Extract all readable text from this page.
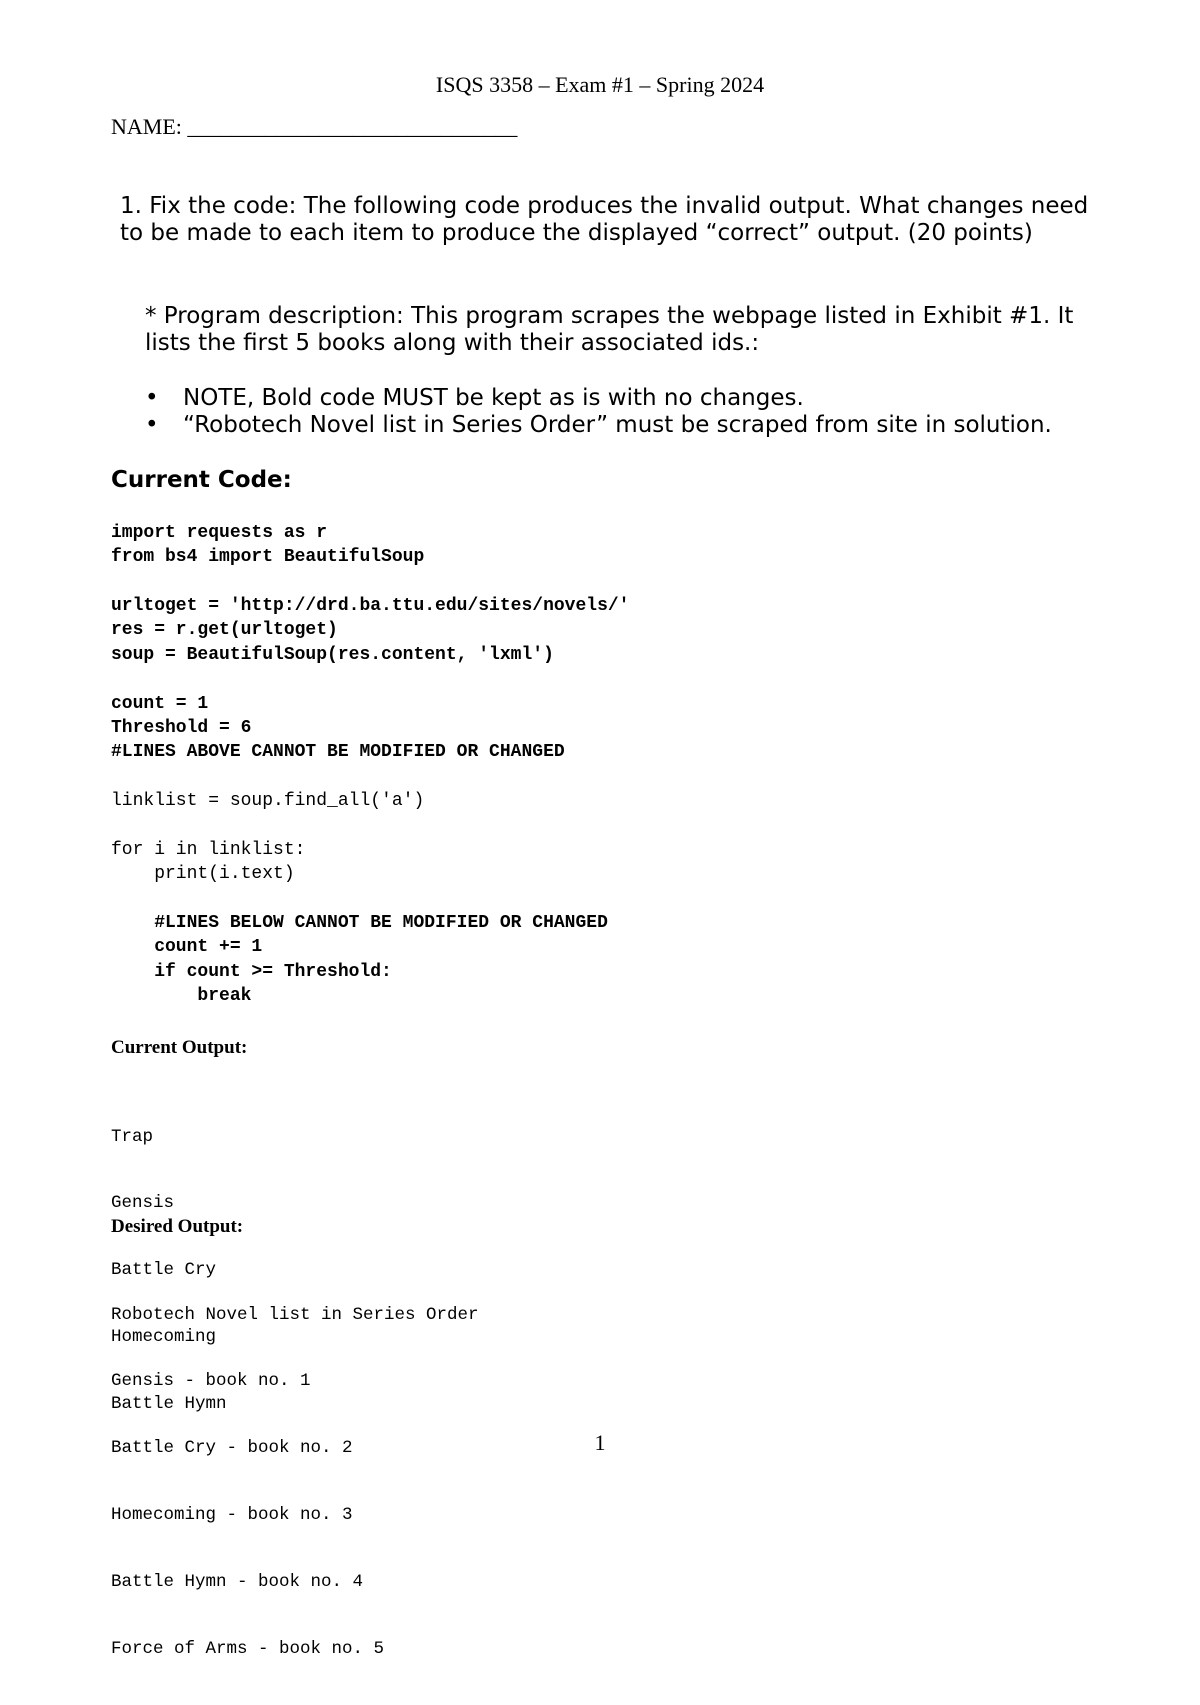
ISQS 3358 – Exam #1 – Spring 2024
NAME: ______________________________
1. Fix the code: The following code produces the invalid output. What changes need to be made to each item to produce the displayed “correct” output. (20 points)
* Program description: This program scrapes the webpage listed in Exhibit #1. It lists the first 5 books along with their associated ids.:
• NOTE, Bold code MUST be kept as is with no changes.
• “Robotech Novel list in Series Order” must be scraped from site in solution.
Current Code:
import requests as r
from bs4 import BeautifulSoup
urltoget = 'http://drd.ba.ttu.edu/sites/novels/'
res = r.get(urltoget)
soup = BeautifulSoup(res.content, 'lxml')
count = 1
Threshold = 6
#LINES ABOVE CANNOT BE MODIFIED OR CHANGED
linklist = soup.find_all('a')
for i in linklist:
print(i.text)
#LINES BELOW CANNOT BE MODIFIED OR CHANGED
count += 1
if count >= Threshold:
break
Current Output:

Trap

Gensis

Battle Cry

Homecoming

Battle Hymn

Desired Output:

Robotech Novel list in Series Order

Gensis - book no. 1

Battle Cry - book no. 2

Homecoming - book no. 3

Battle Hymn - book no. 4

Force of Arms - book no. 5

1
